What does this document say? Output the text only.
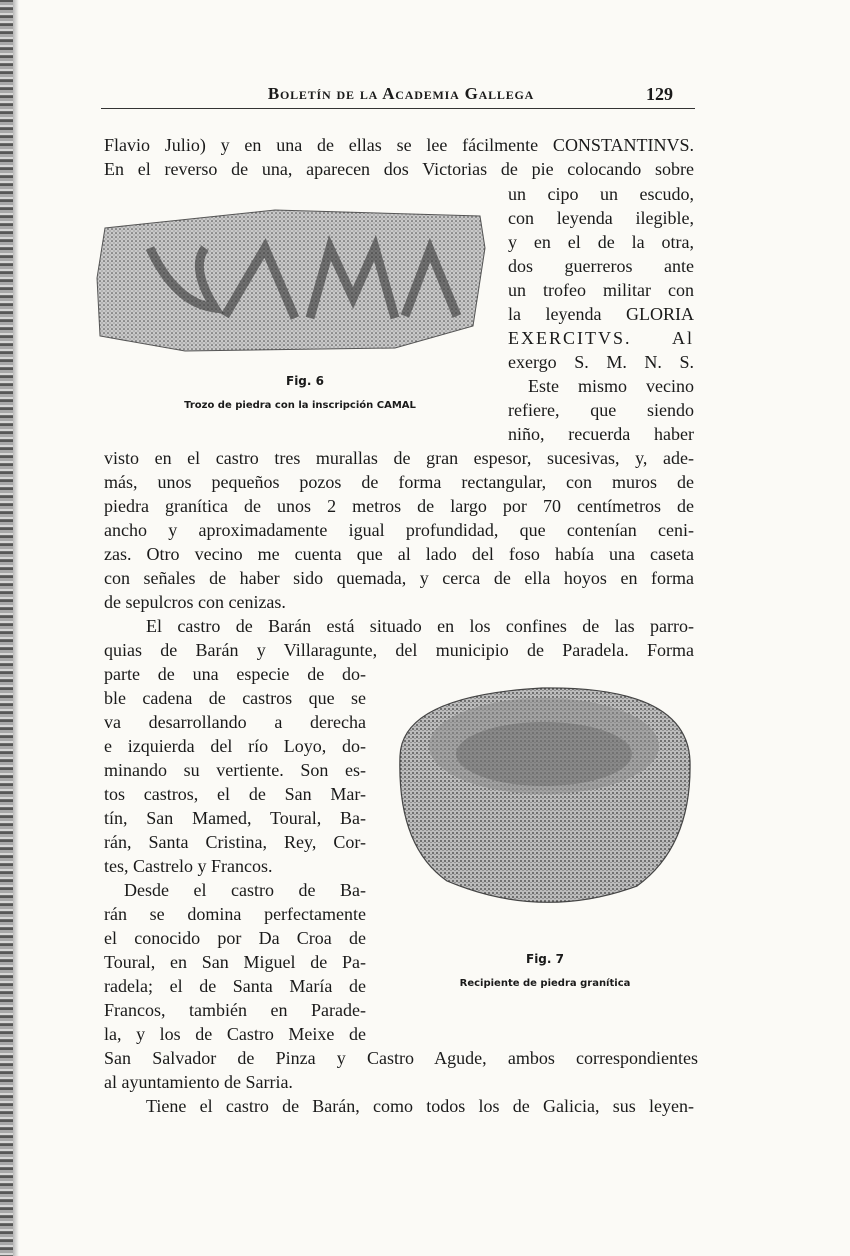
Boletín de la Academia Gallega	129
Fig. 6
Trozo de piedra con la inscripción CAMAL
Fig. 7
Recipiente de piedra granítica
Flavio Julio) y en una de ellas se lee fácilmente CONSTANTINVS.
En el reverso de una, aparecen dos Victorias de pie colocando sobre
un cipo un escudo,
con leyenda ilegible,
y en el de la otra,
dos guerreros ante
un trofeo militar con
la leyenda GLORIA
EXERCITVS. Al
exergo S. M. N. S.
Este mismo vecino
refiere, que siendo
niño, recuerda haber
visto en el castro tres murallas de gran espesor, sucesivas, y, ade-
más, unos pequeños pozos de forma rectangular, con muros de
piedra granítica de unos 2 metros de largo por 70 centímetros de
ancho y aproximadamente igual profundidad, que contenían ceni-
zas. Otro vecino me cuenta que al lado del foso había una caseta
con señales de haber sido quemada, y cerca de ella hoyos en forma
de sepulcros con cenizas.
El castro de Barán está situado en los confines de las parro-
quias de Barán y Villaragunte, del municipio de Paradela. Forma
parte de una especie de do-
ble cadena de castros que se
va desarrollando a derecha
e izquierda del río Loyo, do-
minando su vertiente. Son es-
tos castros, el de San Mar-
tín, San Mamed, Toural, Ba-
rán, Santa Cristina, Rey, Cor-
tes, Castrelo y Francos.
Desde el castro de Ba-
rán se domina perfectamente
el conocido por Da Croa de
Toural, en San Miguel de Pa-
radela; el de Santa María de
Francos, también en Parade-
la, y los de Castro Meixe de
San Salvador de Pinza y Castro Agude, ambos correspondientes
al ayuntamiento de Sarria.
Tiene el castro de Barán, como todos los de Galicia, sus leyen-
